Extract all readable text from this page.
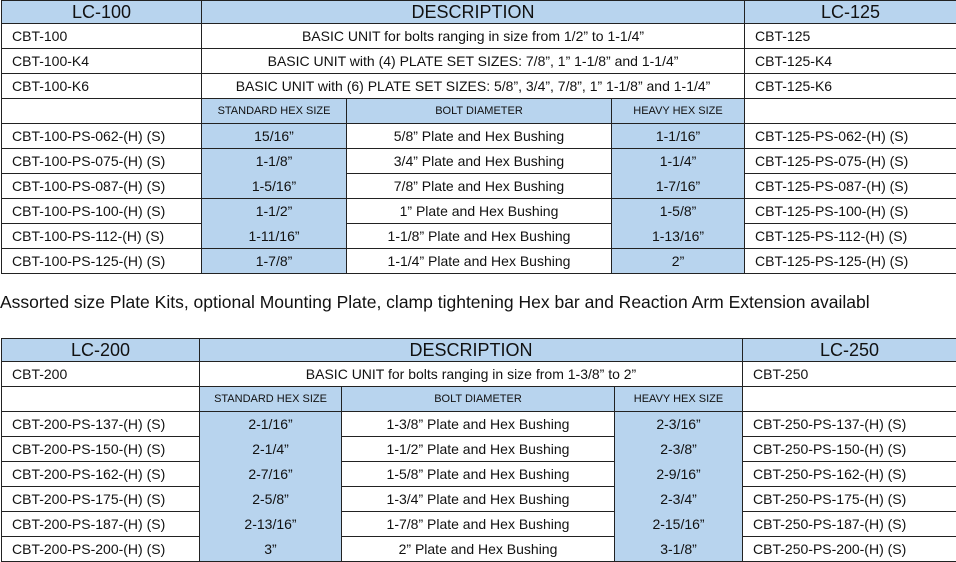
LC-100	DESCRIPTION			LC-125
CBT-100	BASIC UNIT for bolts ranging in size from 1/2” to 1-1/4”			CBT-125
CBT-100-K4	BASIC UNIT with (4) PLATE SET SIZES: 7/8”, 1” 1-1/8” and 1-1/4”			CBT-125-K4
CBT-100-K6	BASIC UNIT with (6) PLATE SET SIZES: 5/8”, 3/4”, 7/8”, 1” 1-1/8” and 1-1/4”			CBT-125-K6
	STANDARD HEX SIZE	BOLT DIAMETER	HEAVY HEX SIZE	
CBT-100-PS-062-(H) (S)	15/16”	5/8” Plate and Hex Bushing	1-1/16”	CBT-125-PS-062-(H) (S)
CBT-100-PS-075-(H) (S)	1-1/8”	3/4” Plate and Hex Bushing	1-1/4”	CBT-125-PS-075-(H) (S)
CBT-100-PS-087-(H) (S)	1-5/16”	7/8” Plate and Hex Bushing	1-7/16”	CBT-125-PS-087-(H) (S)
CBT-100-PS-100-(H) (S)	1-1/2”	1” Plate and Hex Bushing	1-5/8”	CBT-125-PS-100-(H) (S)
CBT-100-PS-112-(H) (S)	1-11/16”	1-1/8” Plate and Hex Bushing	1-13/16”	CBT-125-PS-112-(H) (S)
CBT-100-PS-125-(H) (S)	1-7/8”	1-1/4” Plate and Hex Bushing	2”	CBT-125-PS-125-(H) (S)
Assorted size Plate Kits, optional Mounting Plate, clamp tightening Hex bar and Reaction Arm Extension availabl
LC-200	DESCRIPTION			LC-250
CBT-200	BASIC UNIT for bolts ranging in size from 1-3/8” to 2”			CBT-250
	STANDARD HEX SIZE	BOLT DIAMETER	HEAVY HEX SIZE	
CBT-200-PS-137-(H) (S)	2-1/16”	1-3/8” Plate and Hex Bushing	2-3/16”	CBT-250-PS-137-(H) (S)
CBT-200-PS-150-(H) (S)	2-1/4”	1-1/2” Plate and Hex Bushing	2-3/8”	CBT-250-PS-150-(H) (S)
CBT-200-PS-162-(H) (S)	2-7/16”	1-5/8” Plate and Hex Bushing	2-9/16”	CBT-250-PS-162-(H) (S)
CBT-200-PS-175-(H) (S)	2-5/8”	1-3/4” Plate and Hex Bushing	2-3/4”	CBT-250-PS-175-(H) (S)
CBT-200-PS-187-(H) (S)	2-13/16”	1-7/8” Plate and Hex Bushing	2-15/16”	CBT-250-PS-187-(H) (S)
CBT-200-PS-200-(H) (S)	3”	2” Plate and Hex Bushing	3-1/8”	CBT-250-PS-200-(H) (S)
